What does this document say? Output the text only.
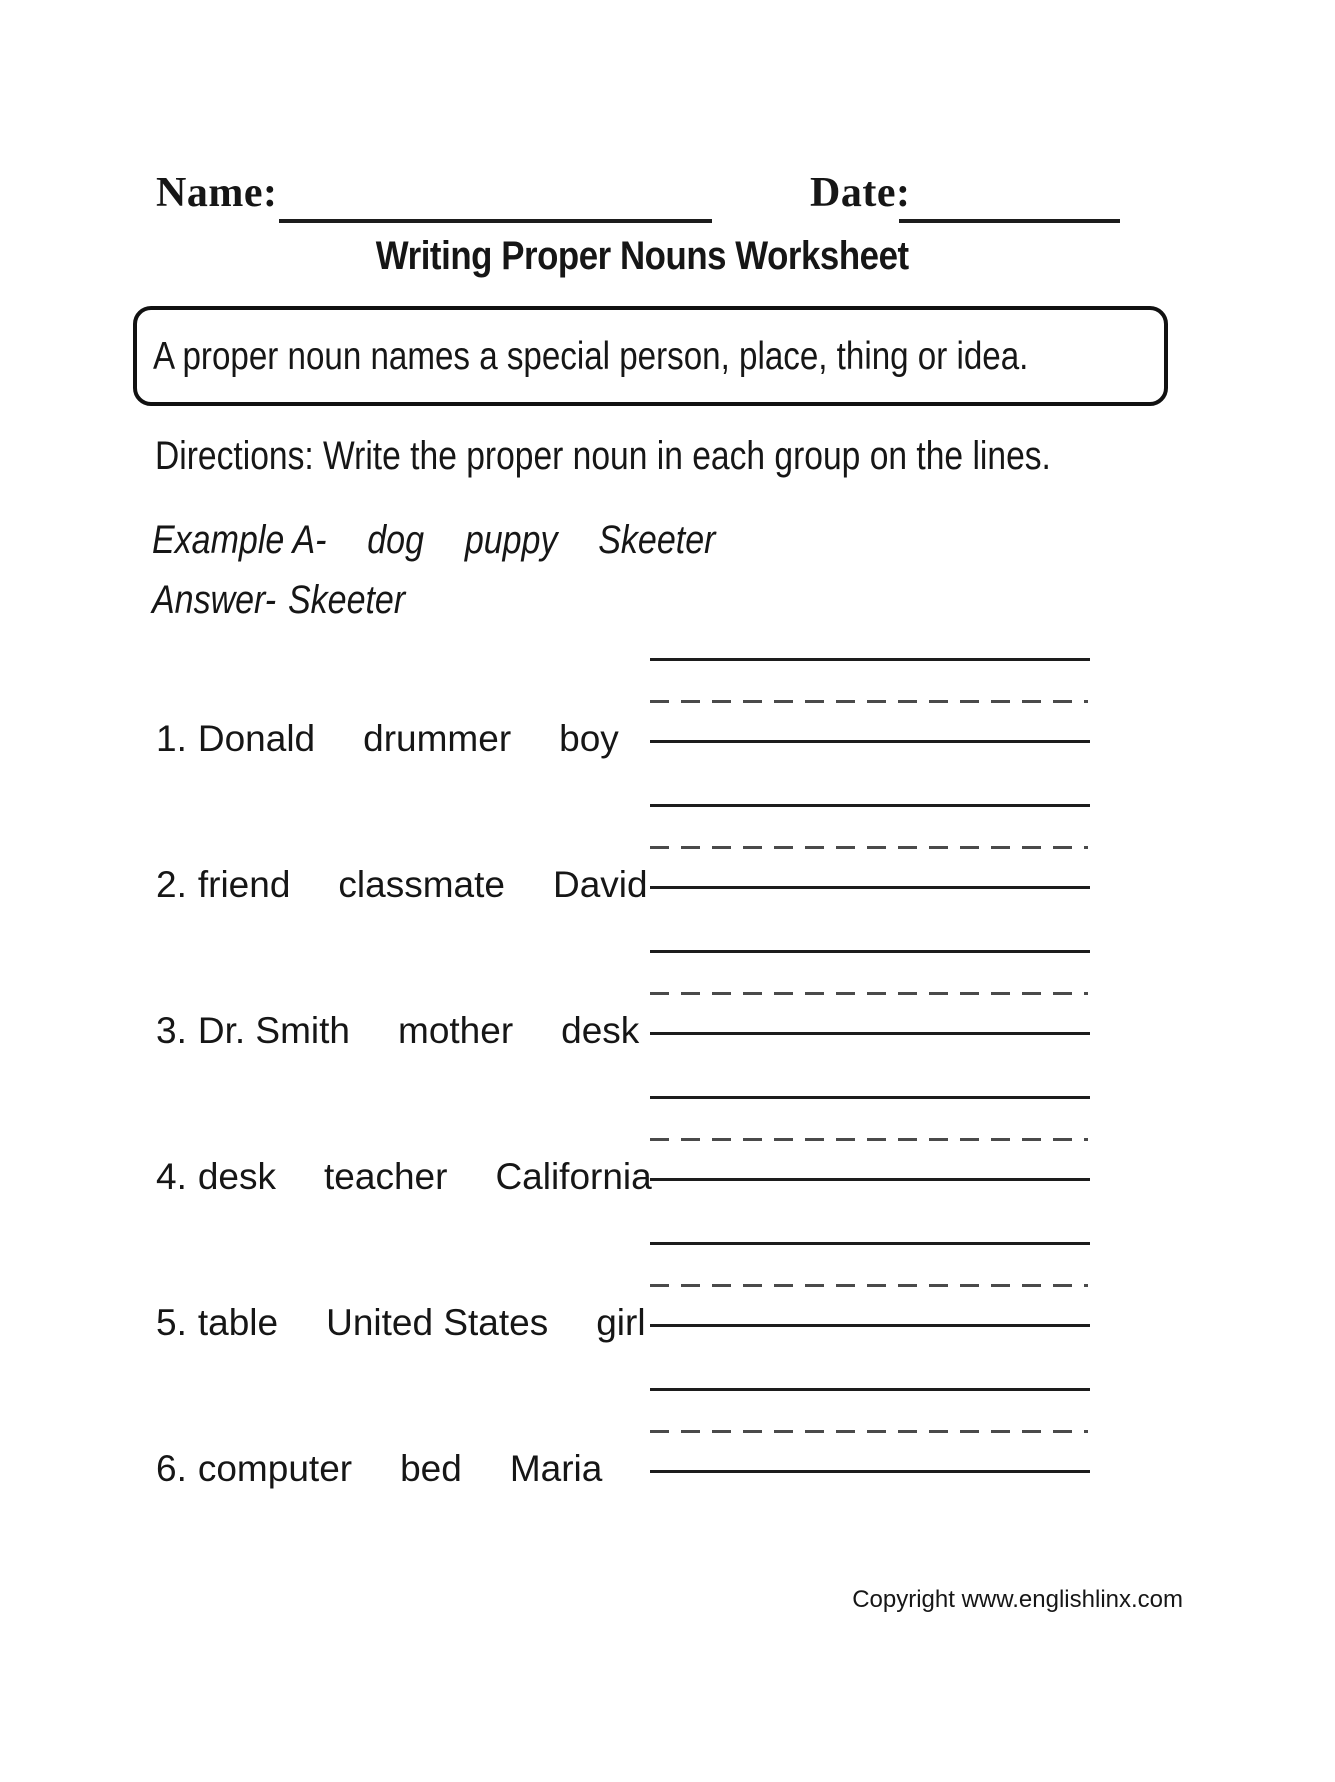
Name:	Date:
Writing Proper Nouns Worksheet
A proper noun names a special person, place, thing or idea.
Directions: Write the proper noun in each group on the lines.
Example A- dog puppy Skeeter
Answer- Skeeter
1. Donald drummer boy
2. friend classmate David
3. Dr. Smith mother desk
4. desk teacher California
5. table United States girl
6. computer bed Maria
Copyright www.englishlinx.com
